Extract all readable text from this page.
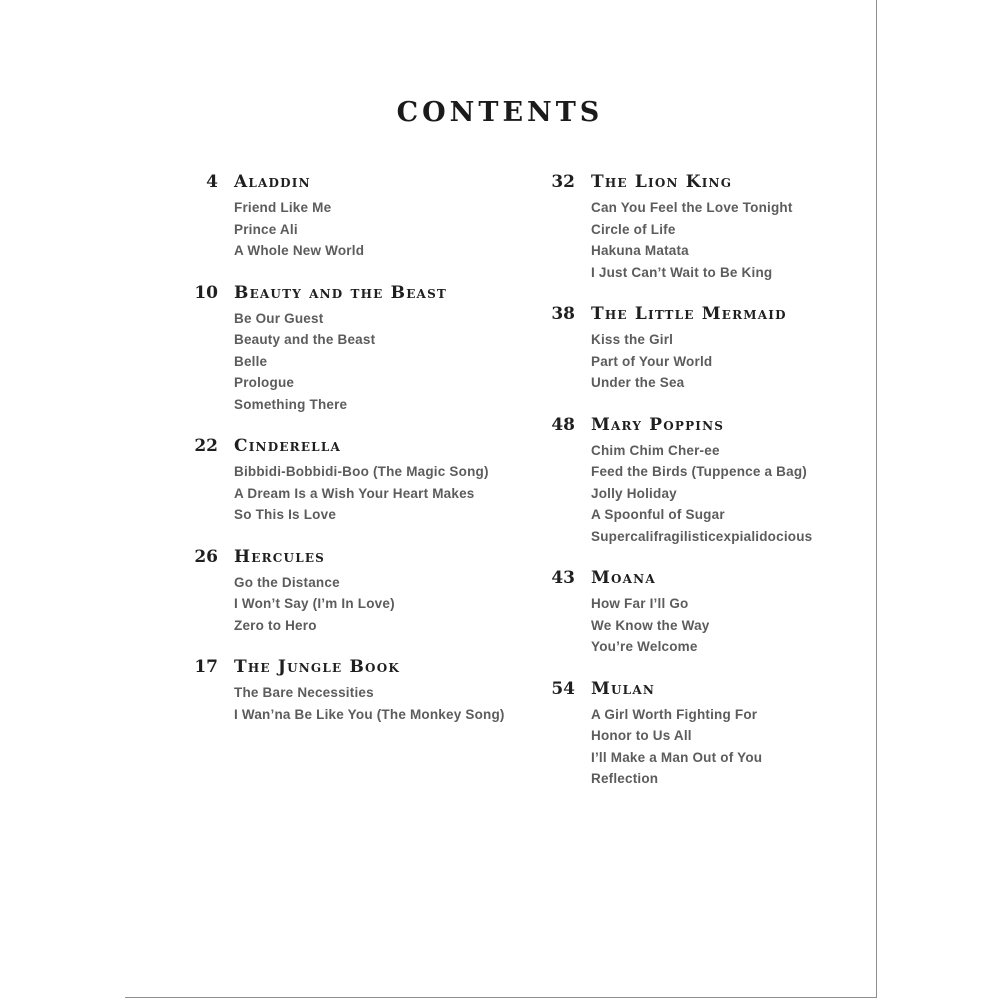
CONTENTS
4 Aladdin
Friend Like Me
Prince Ali
A Whole New World
10 Beauty and the Beast
Be Our Guest
Beauty and the Beast
Belle
Prologue
Something There
22 Cinderella
Bibbidi-Bobbidi-Boo (The Magic Song)
A Dream Is a Wish Your Heart Makes
So This Is Love
26 Hercules
Go the Distance
I Won’t Say (I’m In Love)
Zero to Hero
17 The Jungle Book
The Bare Necessities
I Wan’na Be Like You (The Monkey Song)
32 The Lion King
Can You Feel the Love Tonight
Circle of Life
Hakuna Matata
I Just Can’t Wait to Be King
38 The Little Mermaid
Kiss the Girl
Part of Your World
Under the Sea
48 Mary Poppins
Chim Chim Cher-ee
Feed the Birds (Tuppence a Bag)
Jolly Holiday
A Spoonful of Sugar
Supercalifragilisticexpialidocious
43 Moana
How Far I’ll Go
We Know the Way
You’re Welcome
54 Mulan
A Girl Worth Fighting For
Honor to Us All
I’ll Make a Man Out of You
Reflection
